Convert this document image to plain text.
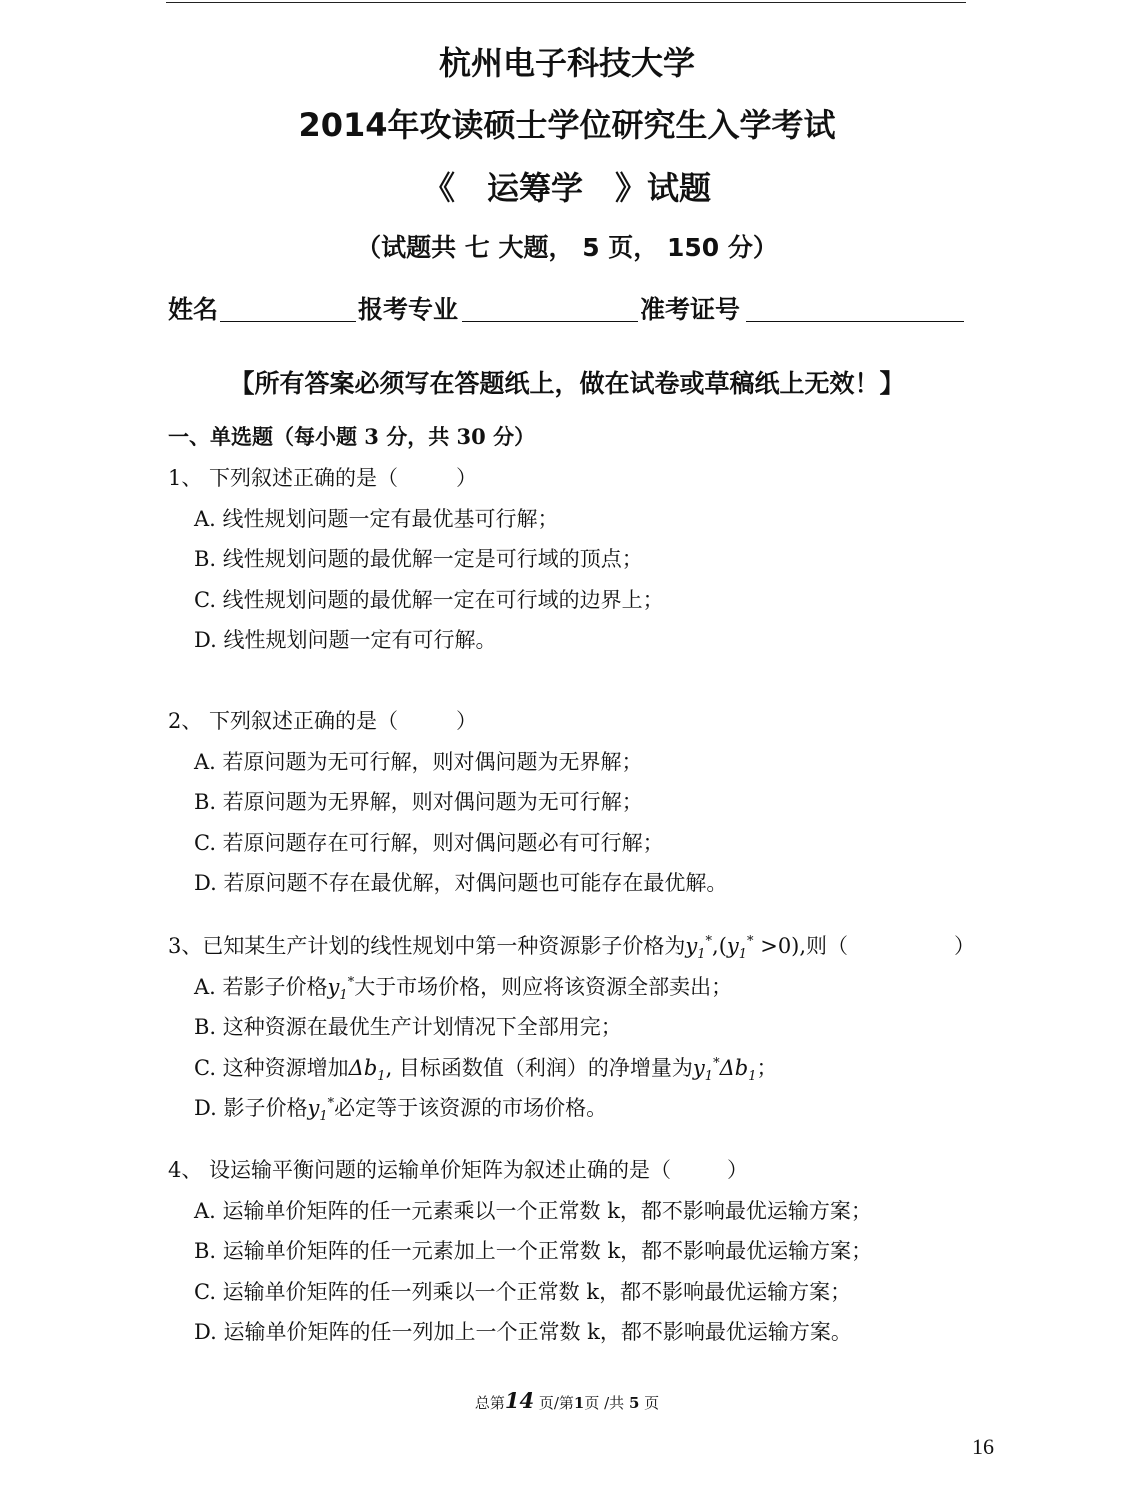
杭州电子科技大学
2014年攻读硕士学位研究生入学考试
《　运筹学　》试题
（试题共 七 大题， 5 页， 150 分）
姓名	报考专业	准考证号
【所有答案必须写在答题纸上，做在试卷或草稿纸上无效！】
一、单选题（每小题 3 分，共 30 分）
1、 下列叙述正确的是（	）
A. 线性规划问题一定有最优基可行解；
B. 线性规划问题的最优解一定是可行域的顶点；
C. 线性规划问题的最优解一定在可行域的边界上；
D. 线性规划问题一定有可行解。
2、 下列叙述正确的是（	）
A. 若原问题为无可行解，则对偶问题为无界解；
B. 若原问题为无界解，则对偶问题为无可行解；
C. 若原问题存在可行解，则对偶问题必有可行解；
D. 若原问题不存在最优解，对偶问题也可能存在最优解。
3、已知某生产计划的线性规划中第一种资源影子价格为$y_1^*,(y_1^* >0)$,则（	）
A. 若影子价格$y_1^*$大于市场价格，则应将该资源全部卖出；
B. 这种资源在最优生产计划情况下全部用完；
C. 这种资源增加$\Delta b_1$, 目标函数值（利润）的净增量为$y_1^*\Delta b_1$；
D. 影子价格$y_1^*$必定等于该资源的市场价格。
4、 设运输平衡问题的运输单价矩阵为叙述止确的是（	）
A. 运输单价矩阵的任一元素乘以一个正常数 k，都不影响最优运输方案；
B. 运输单价矩阵的任一元素加上一个正常数 k，都不影响最优运输方案；
C. 运输单价矩阵的任一列乘以一个正常数 k，都不影响最优运输方案；
D. 运输单价矩阵的任一列加上一个正常数 k，都不影响最优运输方案。
总第14 页/第1页 /共 5 页
16
